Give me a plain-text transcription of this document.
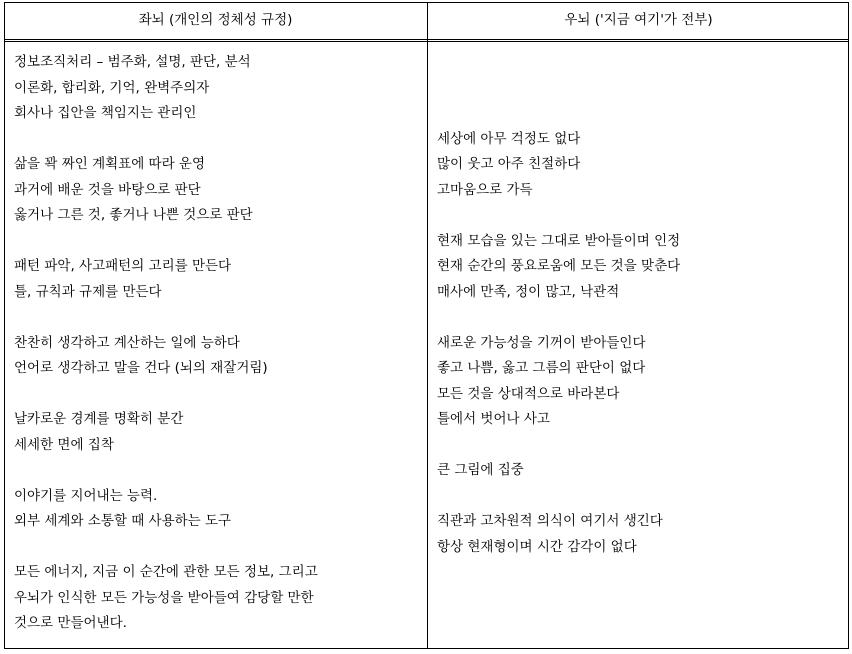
좌뇌 (개인의 정체성 규정)	우뇌 ('지금 여기'가 전부)
정보조직처리 – 범주화, 설명, 판단, 분석
이론화, 합리화, 기억, 완벽주의자
회사나 집안을 책임지는 관리인
삶을 꽉 짜인 계획표에 따라 운영
과거에 배운 것을 바탕으로 판단
옳거나 그른 것, 좋거나 나쁜 것으로 판단
패턴 파악, 사고패턴의 고리를 만든다
틀, 규칙과 규제를 만든다
찬찬히 생각하고 계산하는 일에 능하다
언어로 생각하고 말을 건다 (뇌의 재잘거림)
날카로운 경계를 명확히 분간
세세한 면에 집착
이야기를 지어내는 능력.
외부 세계와 소통할 때 사용하는 도구
모든 에너지, 지금 이 순간에 관한 모든 정보, 그리고
우뇌가 인식한 모든 가능성을 받아들여 감당할 만한
것으로 만들어낸다.
세상에 아무 걱정도 없다
많이 웃고 아주 친절하다
고마움으로 가득
현재 모습을 있는 그대로 받아들이며 인정
현재 순간의 풍요로움에 모든 것을 맞춘다
매사에 만족, 정이 많고, 낙관적
새로운 가능성을 기꺼이 받아들인다
좋고 나쁨, 옳고 그름의 판단이 없다
모든 것을 상대적으로 바라본다
틀에서 벗어나 사고
큰 그림에 집중
직관과 고차원적 의식이 여기서 생긴다
항상 현재형이며 시간 감각이 없다
